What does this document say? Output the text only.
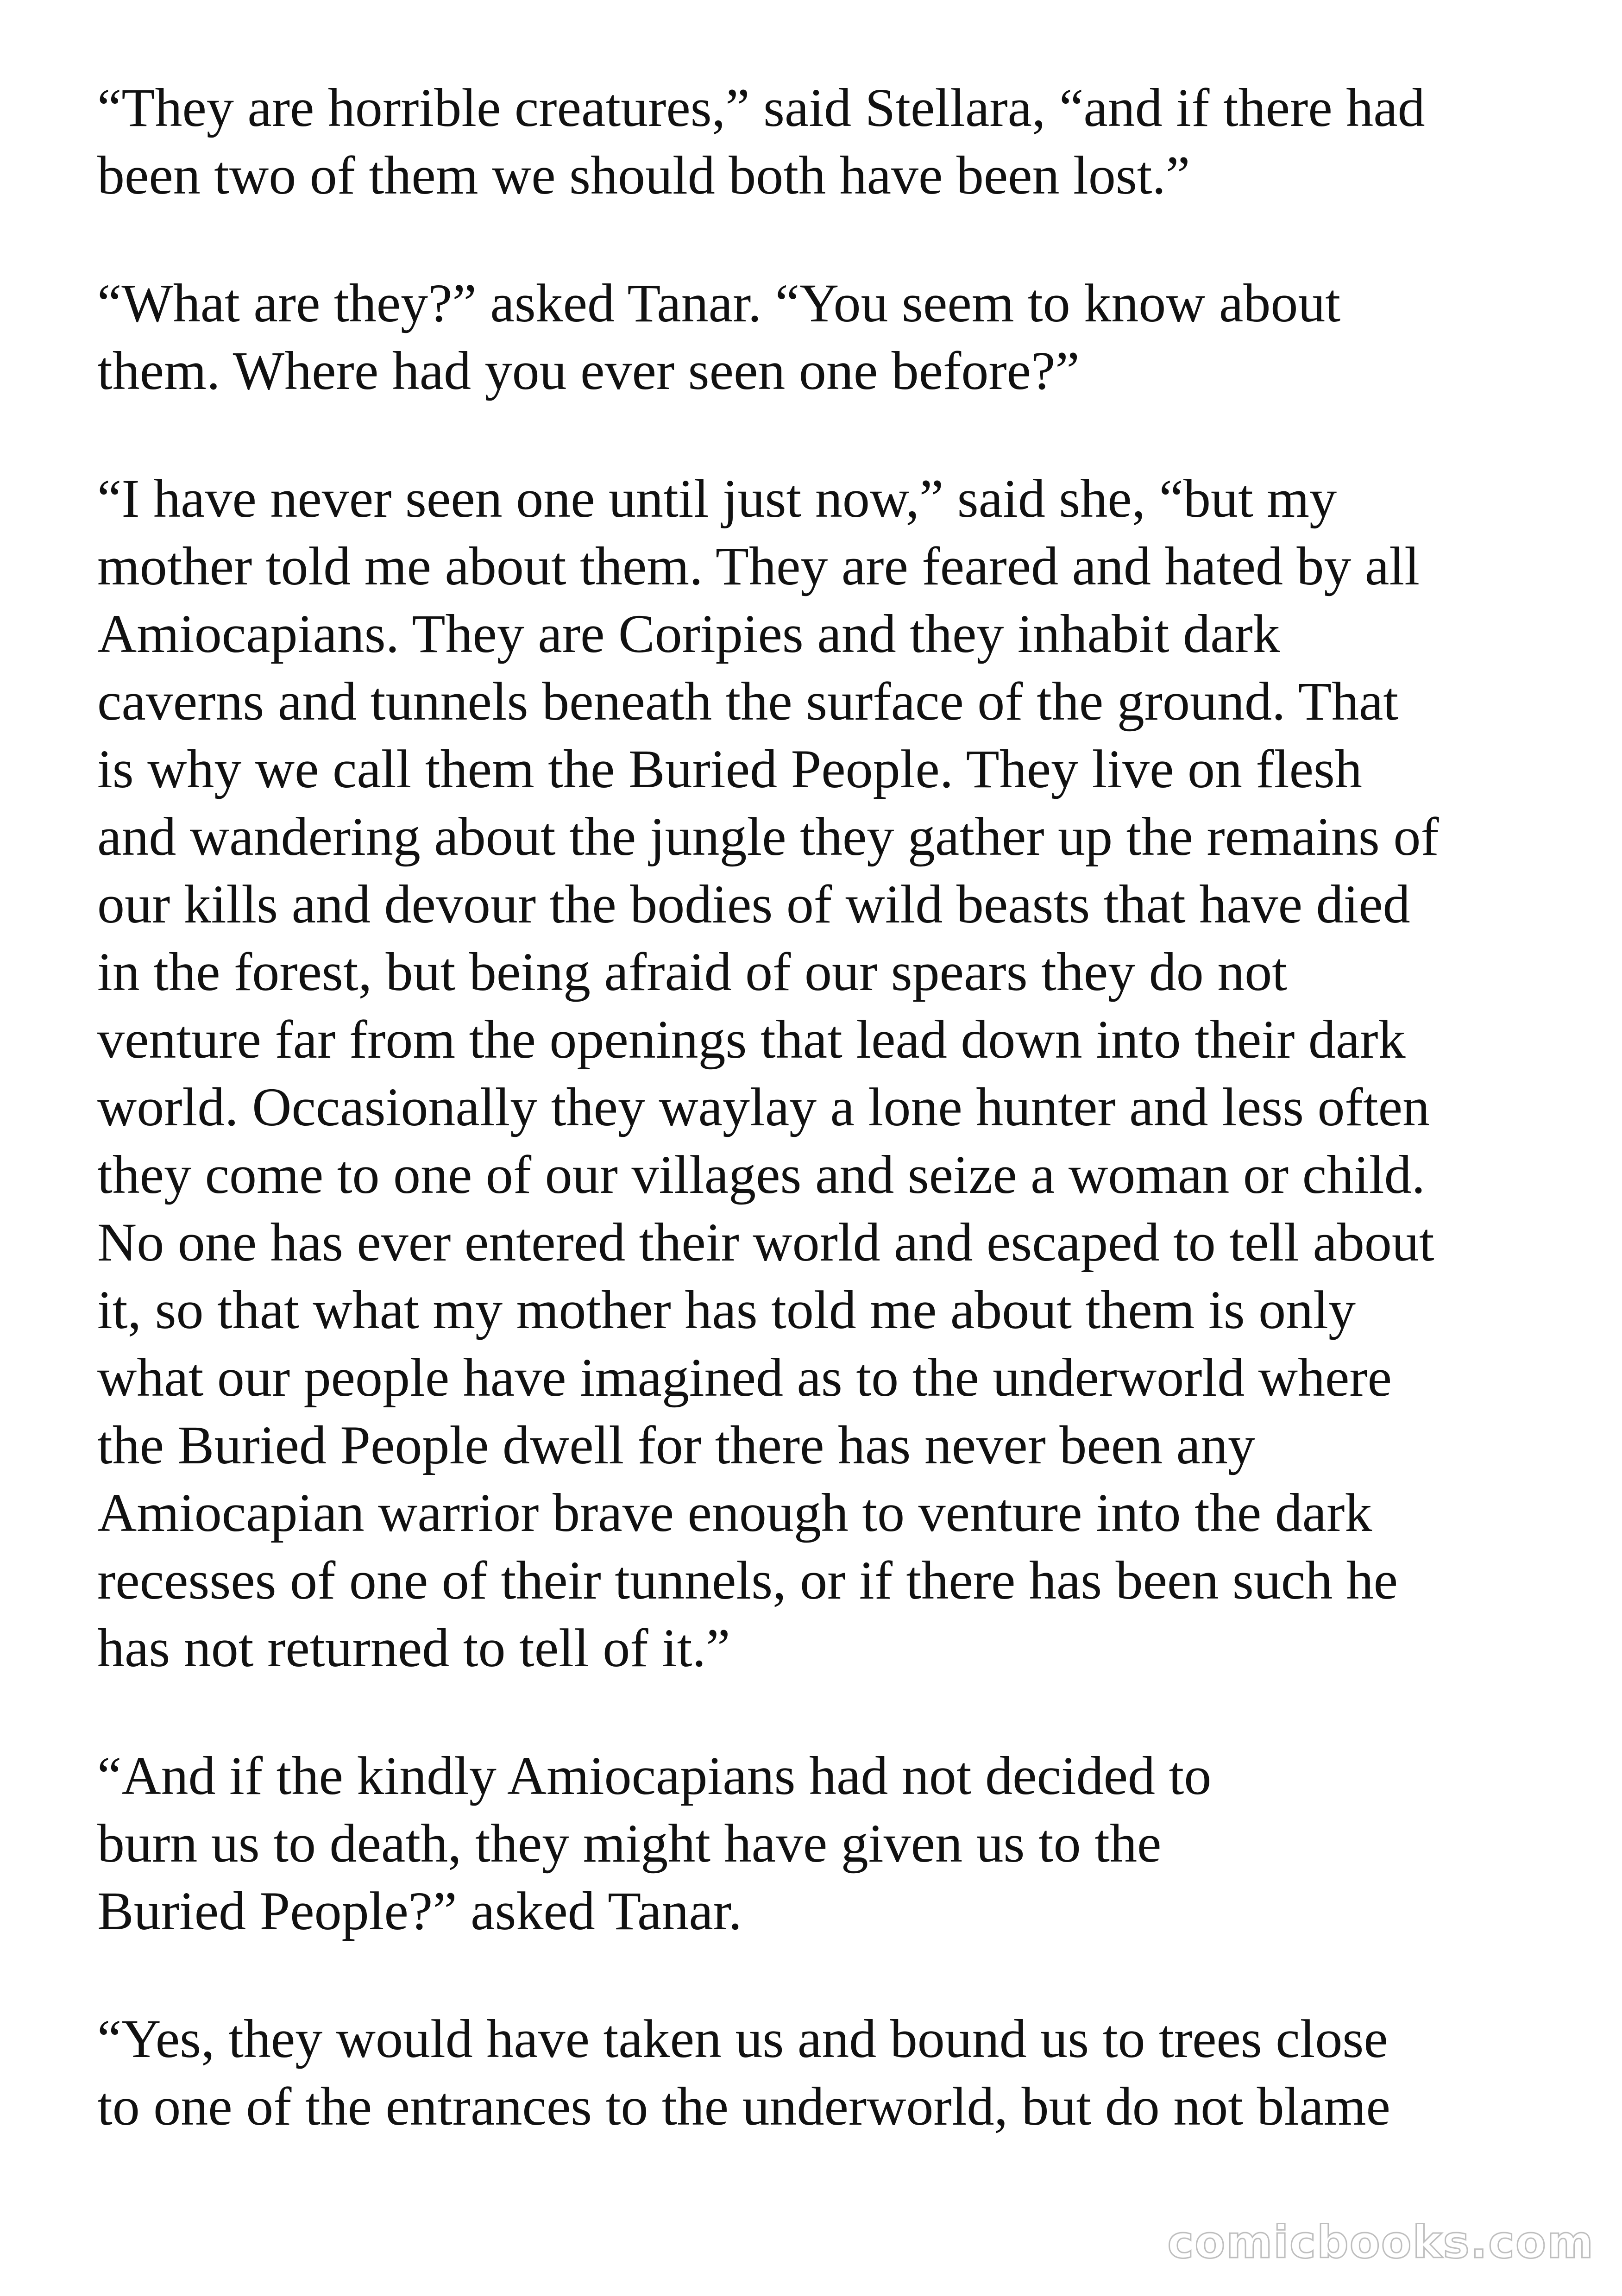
“They are horrible creatures,” said Stellara, “and if there had
been two of them we should both have been lost.”

“What are they?” asked Tanar. “You seem to know about
them. Where had you ever seen one before?”

“I have never seen one until just now,” said she, “but my
mother told me about them. They are feared and hated by all
Amiocapians. They are Coripies and they inhabit dark
caverns and tunnels beneath the surface of the ground. That
is why we call them the Buried People. They live on flesh
and wandering about the jungle they gather up the remains of
our kills and devour the bodies of wild beasts that have died
in the forest, but being afraid of our spears they do not
venture far from the openings that lead down into their dark
world. Occasionally they waylay a lone hunter and less often
they come to one of our villages and seize a woman or child.
No one has ever entered their world and escaped to tell about
it, so that what my mother has told me about them is only
what our people have imagined as to the underworld where
the Buried People dwell for there has never been any
Amiocapian warrior brave enough to venture into the dark
recesses of one of their tunnels, or if there has been such he
has not returned to tell of it.”

“And if the kindly Amiocapians had not decided to
burn us to death, they might have given us to the
Buried People?” asked Tanar.

“Yes, they would have taken us and bound us to trees close
to one of the entrances to the underworld, but do not blame

comicbooks.com
